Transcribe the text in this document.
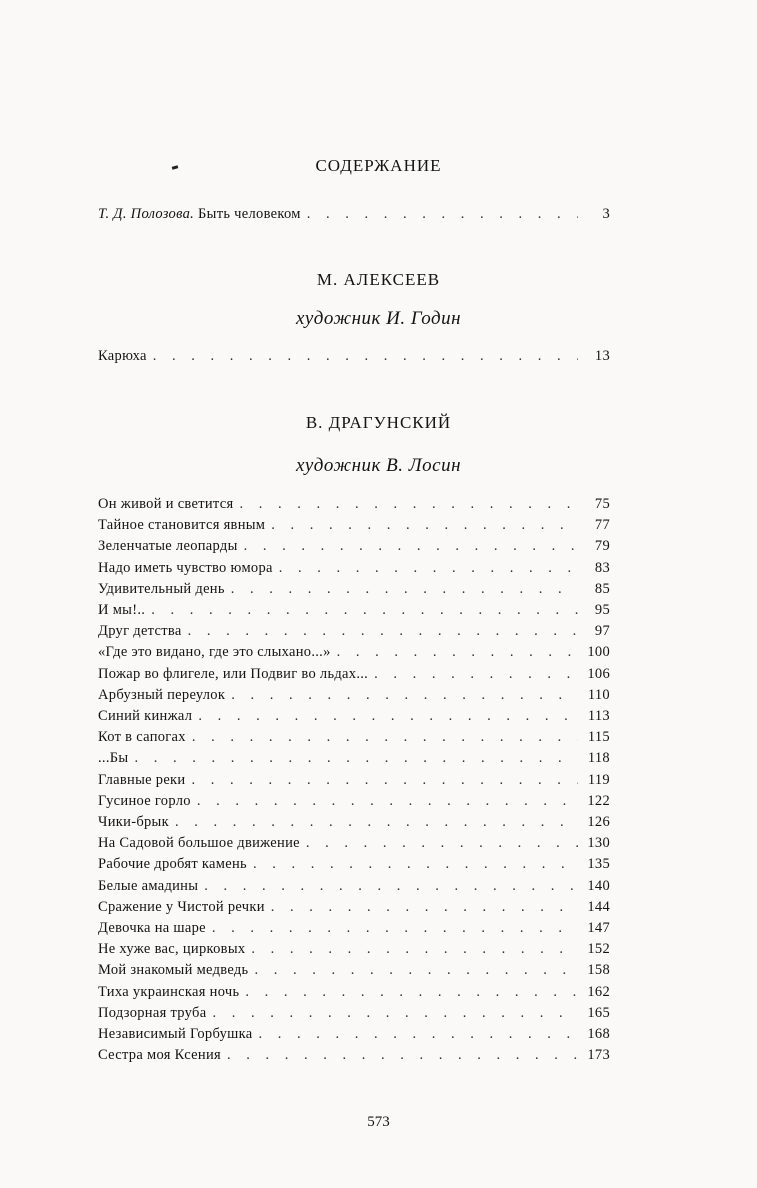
СОДЕРЖАНИЕ
Т. Д. Полозова. Быть человеком . . .	3
М. АЛЕКСЕЕВ
художник И. Годин
Карюха . . .	13
В. ДРАГУНСКИЙ
художник В. Лосин
Он живой и светится . . .	75
Тайное становится явным . . .	77
Зеленчатые леопарды . . .	79
Надо иметь чувство юмора . . .	83
Удивительный день . . .	85
И мы!.. . . .	95
Друг детства . . .	97
«Где это видано, где это слыхано...» . . .	100
Пожар во флигеле, или Подвиг во льдах... . . .	106
Арбузный переулок . . .	110
Синий кинжал . . .	113
Кот в сапогах . . .	115
...Бы . . .	118
Главные реки . . .	119
Гусиное горло . . .	122
Чики-брык . . .	126
На Садовой большое движение . . .	130
Рабочие дробят камень . . .	135
Белые амадины . . .	140
Сражение у Чистой речки . . .	144
Девочка на шаре . . .	147
Не хуже вас, цирковых . . .	152
Мой знакомый медведь . . .	158
Тиха украинская ночь . . .	162
Подзорная труба . . .	165
Независимый Горбушка . . .	168
Сестра моя Ксения . . .	173
573
